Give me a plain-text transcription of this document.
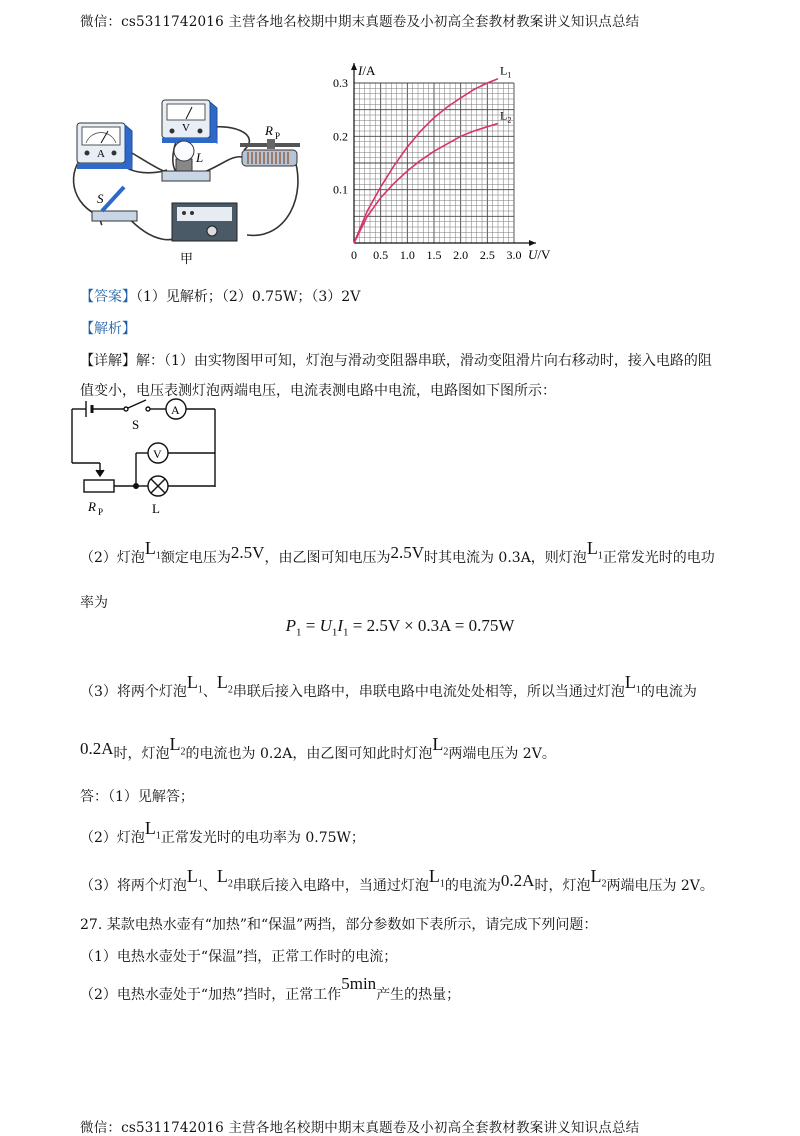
微信：cs5311742016 主营各地名校期中期末真题卷及小初高全套教材教案讲义知识点总结
A
V
L
R P
S
甲	0 0.5 1.0 1.5 2.0 2.5 3.0
0.1
0.2
0.3
$L_1$
$L_2$
I/A
U/V
【答案】（1）见解析；（2）0.75W；（3）2V
【解析】
【详解】解：（1）由实物图甲可知，灯泡与滑动变阻器串联，滑动变阻滑片向右移动时，接入电路的阻
值变小，电压表测灯泡两端电压，电流表测电路中电流，电路图如下图所示：
A
V
S
L
R P
（2）灯泡$L_1$额定电压为2.5V，由乙图可知电压为2.5V时其电流为 0.3A，则灯泡$L_1$正常发光时的电功
率为
$P_1 = U_1I_1 = 2.5V \times 0.3A = 0.75W$
（3）将两个灯泡$L_1$、$L_2$串联后接入电路中，串联电路中电流处处相等，所以当通过灯泡$L_1$的电流为
0.2A时，灯泡$L_2$的电流也为 0.2A，由乙图可知此时灯泡$L_2$两端电压为 2V。
答：（1）见解答；
（2）灯泡$L_1$正常发光时的电功率为 0.75W；
（3）将两个灯泡$L_1$、$L_2$串联后接入电路中，当通过灯泡$L_1$的电流为0.2A时，灯泡$L_2$两端电压为 2V。
27. 某款电热水壶有“加热”和“保温”两挡，部分参数如下表所示，请完成下列问题：
（1）电热水壶处于“保温”挡，正常工作时的电流；
（2）电热水壶处于“加热”挡时，正常工作5min产生的热量；
微信：cs5311742016 主营各地名校期中期末真题卷及小初高全套教材教案讲义知识点总结
